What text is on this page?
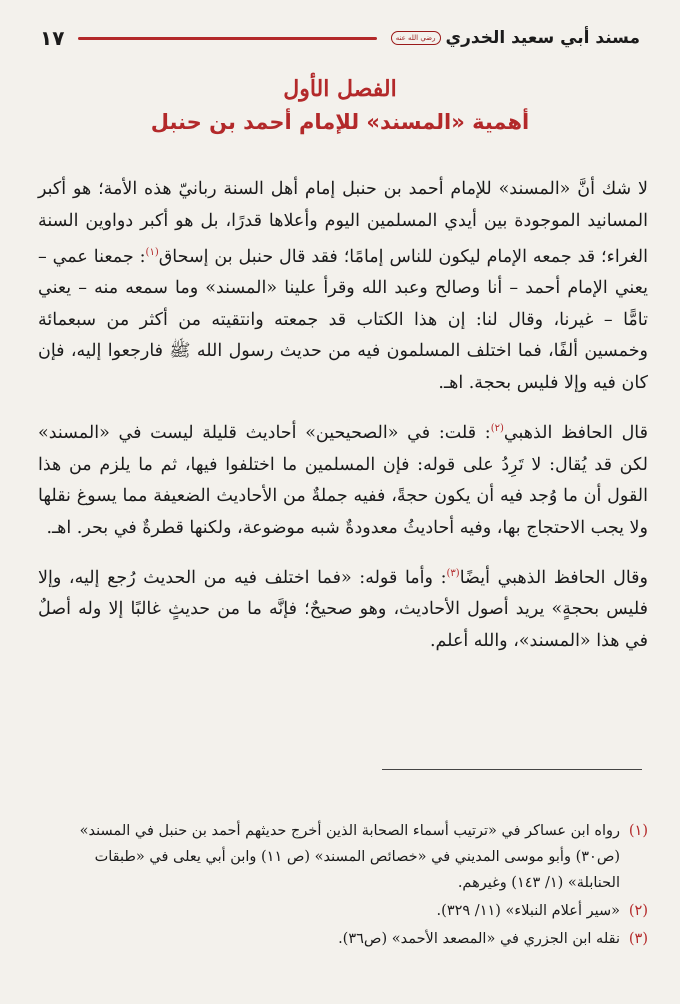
مسند أبي سعيد الخدري
رضي الله عنه
١٧
الفصل الأول
أهمية «المسند» للإمام أحمد بن حنبل

لا شك أنَّ «المسند» للإمام أحمد بن حنبل إمام أهل السنة ربانيّ هذه الأمة؛ هو أكبر المسانيد الموجودة بين أيدي المسلمين اليوم وأعلاها قدرًا، بل هو أكبر دواوين السنة الغراء؛ قد جمعه الإمام ليكون للناس إمامًا؛ فقد قال حنبل بن إسحاق$^{(١)}$: جمعنا عمي – يعني الإمام أحمد – أنا وصالح وعبد الله وقرأ علينا «المسند» وما سمعه منه – يعني تامًّا – غيرنا، وقال لنا: إن هذا الكتاب قد جمعته وانتقيته من أكثر من سبعمائة وخمسين ألفًا، فما اختلف المسلمون فيه من حديث رسول الله ﷺ فارجعوا إليه، فإن كان فيه وإلا فليس بحجة. اهـ.

قال الحافظ الذهبي$^{(٢)}$: قلت: في «الصحيحين» أحاديث قليلة ليست في «المسند» لكن قد يُقال: لا تَرِدُ على قوله: فإن المسلمين ما اختلفوا فيها، ثم ما يلزم من هذا القول أن ما وُجد فيه أن يكون حجةً، ففيه جملةٌ من الأحاديث الضعيفة مما يسوغ نقلها ولا يجب الاحتجاج بها، وفيه أحاديثُ معدودةٌ شبه موضوعة، ولكنها قطرةٌ في بحر. اهـ.

وقال الحافظ الذهبي أيضًا$^{(٣)}$: وأما قوله: «فما اختلف فيه من الحديث رُجع إليه، وإلا فليس بحجةٍ» يريد أصول الأحاديث، وهو صحيحٌ؛ فإنَّه ما من حديثٍ غالبًا إلا وله أصلٌ في هذا «المسند»، والله أعلم.

(١)
رواه ابن عساكر في «ترتيب أسماء الصحابة الذين أخرج حديثهم أحمد بن حنبل في المسند» (ص٣٠) وأبو موسى المديني في «خصائص المسند» (ص ١١) وابن أبي يعلى في «طبقات الحنابلة» (١/ ١٤٣) وغيرهم.
(٢)
«سير أعلام النبلاء» (١١/ ٣٢٩).
(٣)
نقله ابن الجزري في «المصعد الأحمد» (ص٣٦).
